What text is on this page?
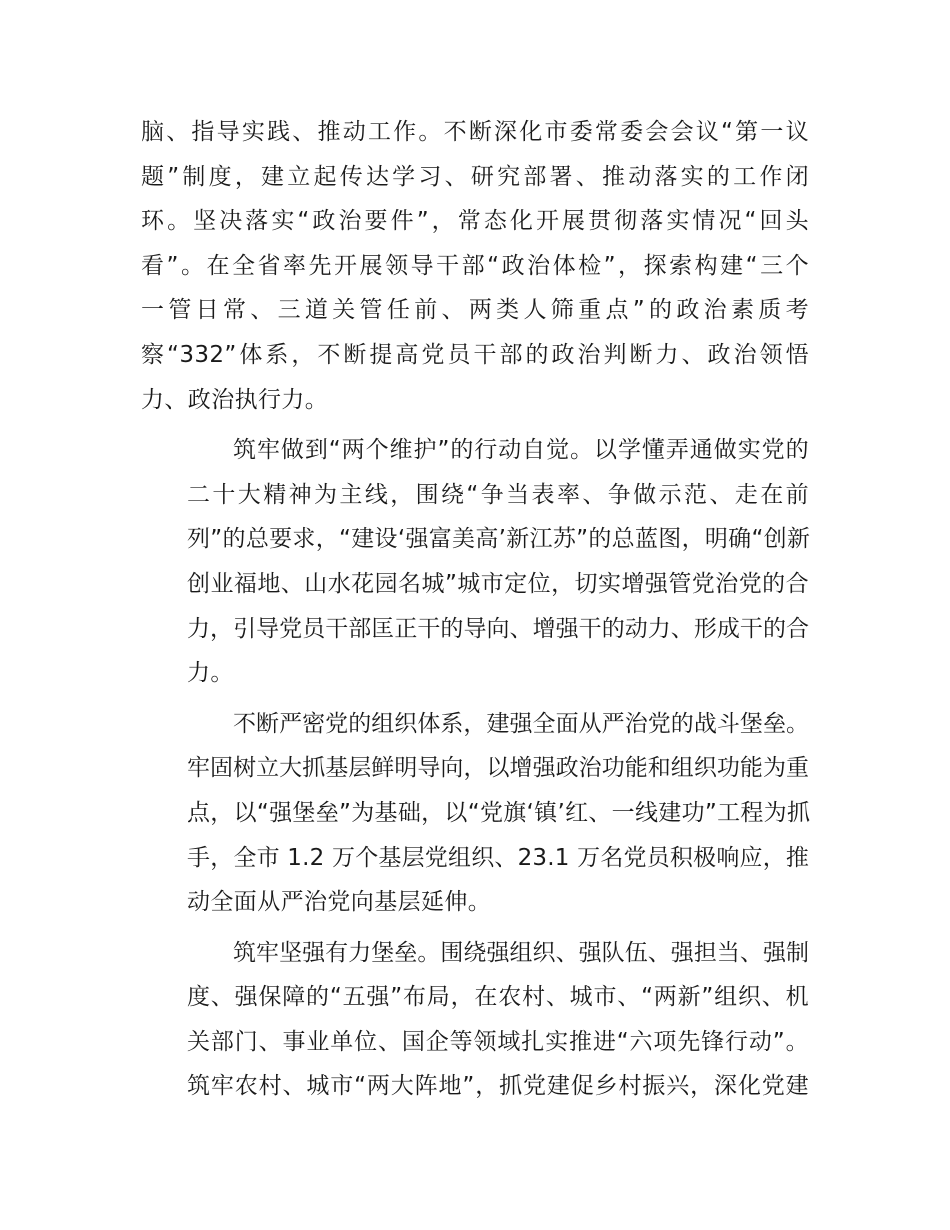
脑、指导实践、推动工作。不断深化市委常委会会议“第一议
题”制度，建立起传达学习、研究部署、推动落实的工作闭
环。坚决落实“政治要件”，常态化开展贯彻落实情况“回头
看”。在全省率先开展领导干部“政治体检”，探索构建“三个
一管日常、三道关管任前、两类人筛重点”的政治素质考
察“332”体系，不断提高党员干部的政治判断力、政治领悟
力、政治执行力。
筑牢做到“两个维护”的行动自觉。以学懂弄通做实党的
二十大精神为主线，围绕“争当表率、争做示范、走在前
列”的总要求，“建设‘强富美高’新江苏”的总蓝图，明确“创新
创业福地、山水花园名城”城市定位，切实增强管党治党的合
力，引导党员干部匡正干的导向、增强干的动力、形成干的合
力。
不断严密党的组织体系，建强全面从严治党的战斗堡垒。
牢固树立大抓基层鲜明导向，以增强政治功能和组织功能为重
点，以“强堡垒”为基础，以“党旗‘镇’红、一线建功”工程为抓
手，全市 1.2 万个基层党组织、23.1 万名党员积极响应，推
动全面从严治党向基层延伸。
筑牢坚强有力堡垒。围绕强组织、强队伍、强担当、强制
度、强保障的“五强”布局，在农村、城市、“两新”组织、机
关部门、事业单位、国企等领域扎实推进“六项先锋行动”。
筑牢农村、城市“两大阵地”，抓党建促乡村振兴，深化党建
